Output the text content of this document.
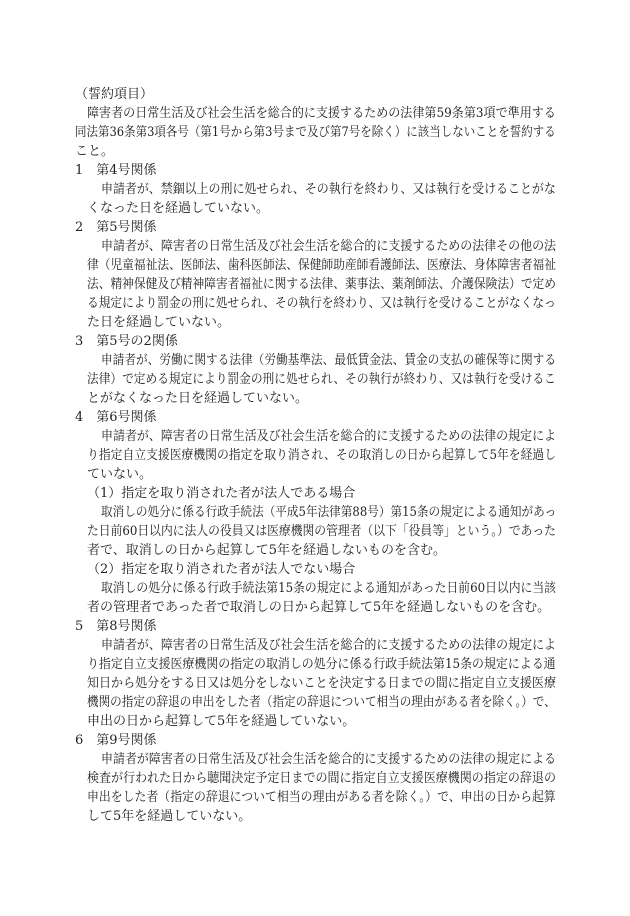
（誓約項目）
障害者の日常生活及び社会生活を総合的に支援するための法律第59条第3項で準用する
同法第36条第3項各号（第1号から第3号まで及び第7号を除く）に該当しないことを誓約する
こと。
1　第4号関係
申請者が、禁錮以上の刑に処せられ、その執行を終わり、又は執行を受けることがな
くなった日を経過していない。
2　第5号関係
申請者が、障害者の日常生活及び社会生活を総合的に支援するための法律その他の法
律（児童福祉法、医師法、歯科医師法、保健師助産師看護師法、医療法、身体障害者福祉
法、精神保健及び精神障害者福祉に関する法律、薬事法、薬剤師法、介護保険法）で定め
る規定により罰金の刑に処せられ、その執行を終わり、又は執行を受けることがなくなっ
た日を経過していない。
3　第5号の2関係
申請者が、労働に関する法律（労働基準法、最低賃金法、賃金の支払の確保等に関する
法律）で定める規定により罰金の刑に処せられ、その執行が終わり、又は執行を受けるこ
とがなくなった日を経過していない。
4　第6号関係
申請者が、障害者の日常生活及び社会生活を総合的に支援するための法律の規定によ
り指定自立支援医療機関の指定を取り消され、その取消しの日から起算して5年を経過し
ていない。
（1）指定を取り消された者が法人である場合
取消しの処分に係る行政手続法（平成5年法律第88号）第15条の規定による通知があっ
た日前60日以内に法人の役員又は医療機関の管理者（以下「役員等」という。）であった
者で、取消しの日から起算して5年を経過しないものを含む。
（2）指定を取り消された者が法人でない場合
取消しの処分に係る行政手続法第15条の規定による通知があった日前60日以内に当該
者の管理者であった者で取消しの日から起算して5年を経過しないものを含む。
5　第8号関係
申請者が、障害者の日常生活及び社会生活を総合的に支援するための法律の規定によ
り指定自立支援医療機関の指定の取消しの処分に係る行政手続法第15条の規定による通
知日から処分をする日又は処分をしないことを決定する日までの間に指定自立支援医療
機関の指定の辞退の申出をした者（指定の辞退について相当の理由がある者を除く。）で、
申出の日から起算して5年を経過していない。
6　第9号関係
申請者が障害者の日常生活及び社会生活を総合的に支援するための法律の規定による
検査が行われた日から聴聞決定予定日までの間に指定自立支援医療機関の指定の辞退の
申出をした者（指定の辞退について相当の理由がある者を除く。）で、申出の日から起算
して5年を経過していない。
